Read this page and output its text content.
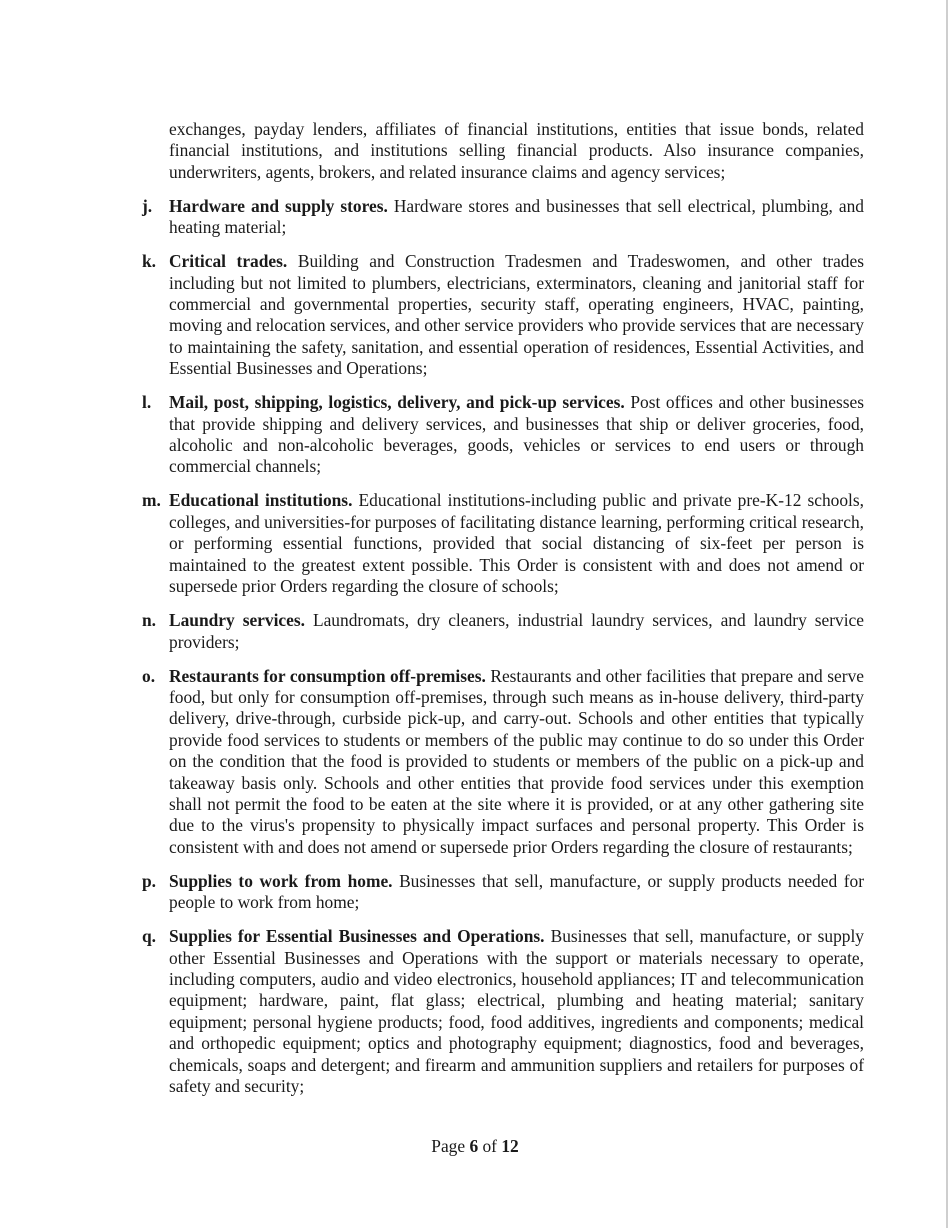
exchanges, payday lenders, affiliates of financial institutions, entities that issue bonds, related financial institutions, and institutions selling financial products. Also insurance companies, underwriters, agents, brokers, and related insurance claims and agency services;

j. Hardware and supply stores. Hardware stores and businesses that sell electrical, plumbing, and heating material;
k. Critical trades. Building and Construction Tradesmen and Tradeswomen, and other trades including but not limited to plumbers, electricians, exterminators, cleaning and janitorial staff for commercial and governmental properties, security staff, operating engineers, HVAC, painting, moving and relocation services, and other service providers who provide services that are necessary to maintaining the safety, sanitation, and essential operation of residences, Essential Activities, and Essential Businesses and Operations;
l.	Mail, post, shipping, logistics, delivery, and pick-up services. Post offices and other businesses that provide shipping and delivery services, and businesses that ship or deliver groceries, food, alcoholic and non-alcoholic beverages, goods, vehicles or services to end users or through commercial channels;
m. Educational institutions. Educational institutions-including public and private pre-K-12 schools, colleges, and universities-for purposes of facilitating distance learning, performing critical research, or performing essential functions, provided that social distancing of six-feet per person is maintained to the greatest extent possible. This Order is consistent with and does not amend or supersede prior Orders regarding the closure of schools;
n. Laundry services. Laundromats, dry cleaners, industrial laundry services, and laundry service providers;
o. Restaurants for consumption off-premises. Restaurants and other facilities that prepare and serve food, but only for consumption off-premises, through such means as in-house delivery, third-party delivery, drive-through, curbside pick-up, and carry-out. Schools and other entities that typically provide food services to students or members of the public may continue to do so under this Order on the condition that the food is provided to students or members of the public on a pick-up and takeaway basis only. Schools and other entities that provide food services under this exemption shall not permit the food to be eaten at the site where it is provided, or at any other gathering site due to the virus's propensity to physically impact surfaces and personal property. This Order is consistent with and does not amend or supersede prior Orders regarding the closure of restaurants;
p. Supplies to work from home. Businesses that sell, manufacture, or supply products needed for people to work from home;
q. Supplies for Essential Businesses and Operations. Businesses that sell, manufacture, or supply other Essential Businesses and Operations with the support or materials necessary to operate, including computers, audio and video electronics, household appliances; IT and telecommunication equipment; hardware, paint, flat glass; electrical, plumbing and heating material; sanitary equipment; personal hygiene products; food, food additives, ingredients and components; medical and orthopedic equipment; optics and photography equipment; diagnostics, food and beverages, chemicals, soaps and detergent; and firearm and ammunition suppliers and retailers for purposes of safety and security;
Page 6 of 12
